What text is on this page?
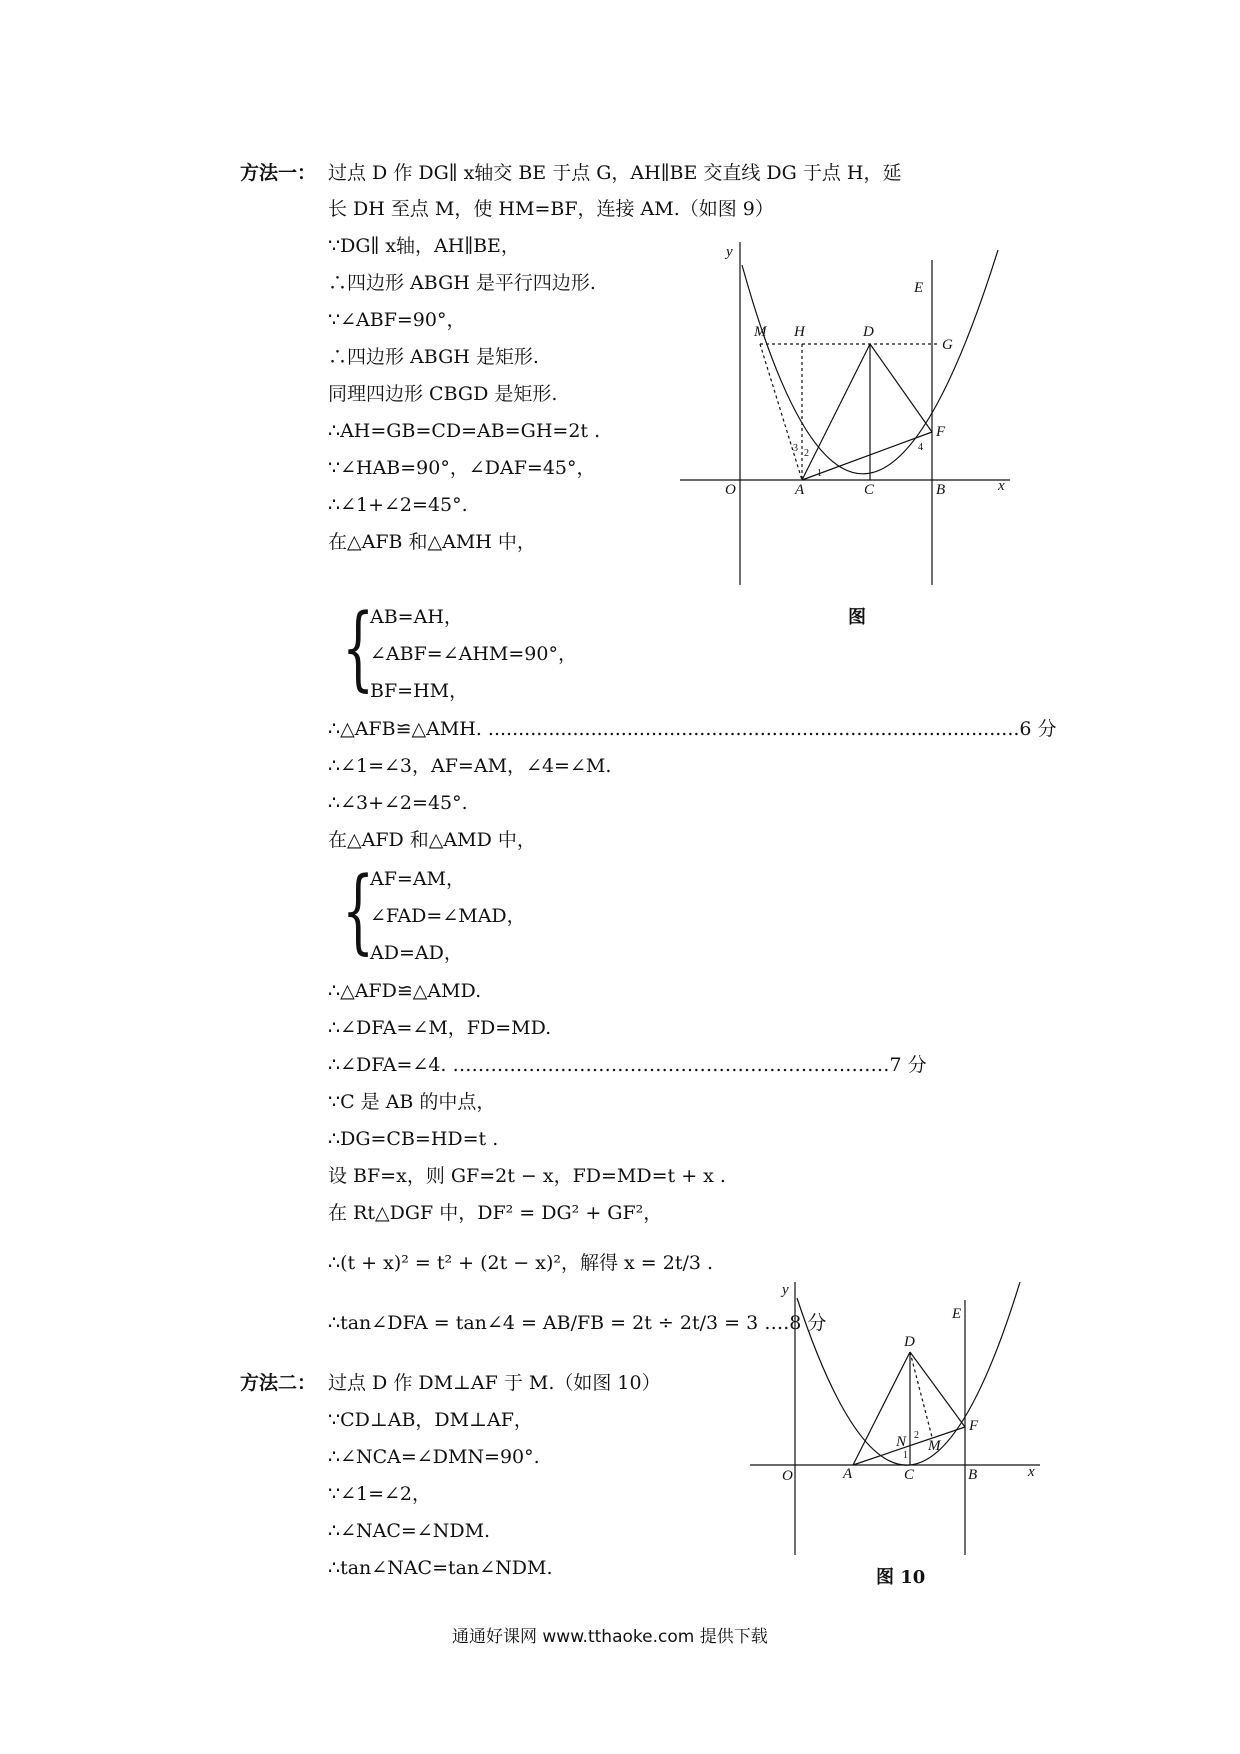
方法一： 过点 D 作 DG∥ x轴交 BE 于点 G，AH∥BE 交直线 DG 于点 H，延
长 DH 至点 M，使 HM=BF，连接 AM.（如图 9）
∵DG∥ x轴，AH∥BE，
∴四边形 ABGH 是平行四边形.
∵∠ABF=90°，
∴四边形 ABGH 是矩形.
同理四边形 CBGD 是矩形.
∴AH=GB=CD=AB=GH=2t .
∵∠HAB=90°，∠DAF=45°，
∴∠1+∠2=45°.
在△AFB 和△AMH 中，
{
AB=AH，
∠ABF=∠AHM=90°，
BF=HM，
∴△AFB≌△AMH. ........................................................................................6 分
∴∠1=∠3，AF=AM，∠4=∠M.
∴∠3+∠2=45°.
在△AFD 和△AMD 中，
{
AF=AM，
∠FAD=∠MAD，
AD=AD，
∴△AFD≌△AMD.
∴∠DFA=∠M，FD=MD.
∴∠DFA=∠4. ……………………………………………………………7 分
∵C 是 AB 的中点，
∴DG=CB=HD=t .
设 BF=x，则 GF=2t − x，FD=MD=t + x .
在 Rt△DGF 中，DF² = DG² + GF²，
∴(t + x)² = t² + (2t − x)²，解得 x = 2t/3 .
∴tan∠DFA = tan∠4 = AB/FB = 2t ÷ 2t/3 = 3 ….8 分
方法二： 过点 D 作 DM⊥AF 于 M.（如图 10）
∵CD⊥AB，DM⊥AF，
∴∠NCA=∠DMN=90°.
∵∠1=∠2，
∴∠NAC=∠NDM.
∴tan∠NAC=tan∠NDM.
y
x
O	A	C	B
D
E
F
G
H
M
1
2
3	4
图
y
x
O	A	C	B
D
E
F
M
N
1
2
图 10
通通好课网 www.tthaoke.com 提供下载
